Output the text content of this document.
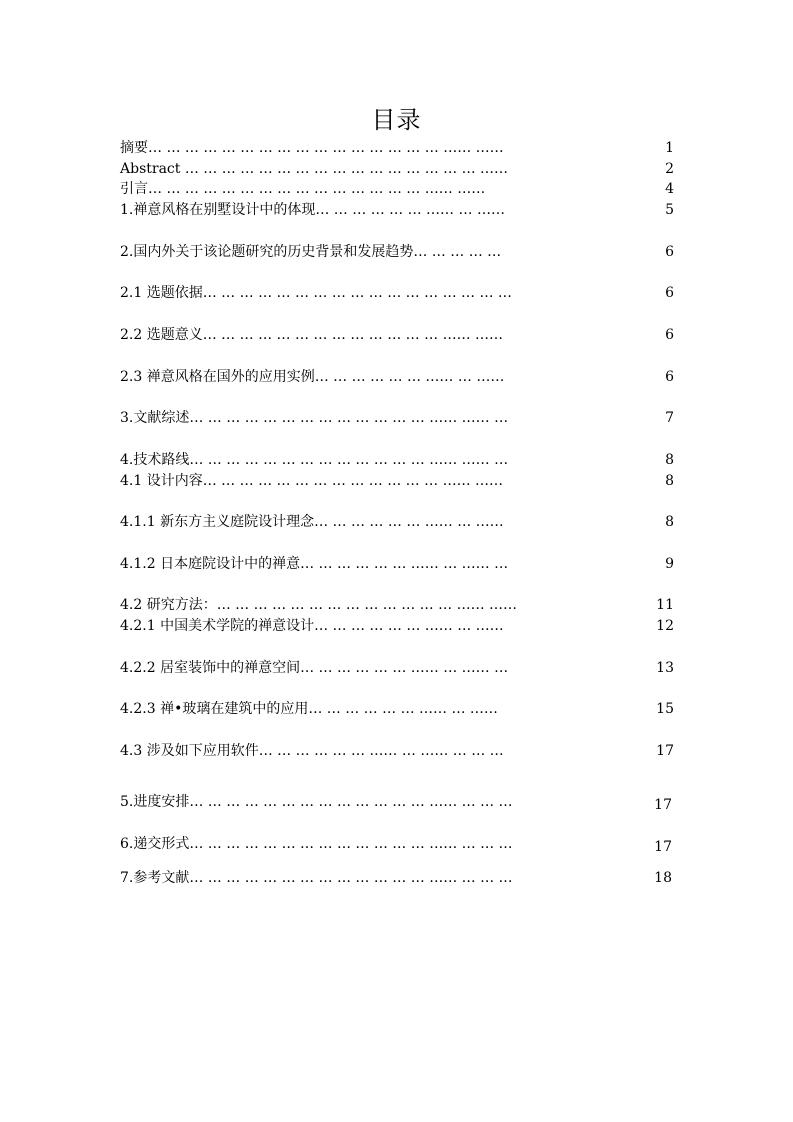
目录
摘要… … … … … … … … … … … … … … … … …… ……	1
Abstract … … … … … … … … … … … … … … … … ……	2
引言… … … … … … … … … … … … … … … …… ……	4
1.禅意风格在别墅设计中的体现… … … … … … …… … ……	5
2.国内外关于该论题研究的历史背景和发展趋势… … … … …	6
2.1 选题依据… … … … … … … … … … … … … … … … …	6
2.2 选题意义… … … … … … … … … … … … … …… ……	6
2.3 禅意风格在国外的应用实例… … … … … … …… … ……	6
3.文献综述… … … … … … … … … … … … … …… …… …	7
4.技术路线… … … … … … … … … … … … … …… …… …	8
4.1 设计内容… … … … … … … … … … … … … …… ……	8
4.1.1 新东方主义庭院设计理念… … … … … … …… … ……	8
4.1.2 日本庭院设计中的禅意… … … … … … …… … …… …	9
4.2 研究方法：… … … … … … … … … … … … … …… ……	11
4.2.1 中国美术学院的禅意设计… … … … … … …… … ……	12
4.2.2 居室装饰中的禅意空间… … … … … … …… … …… …	13
4.2.3 禅•玻璃在建筑中的应用… … … … … … …… … ……	15
4.3 涉及如下应用软件… … … … … … …… … …… … … …	17
5.进度安排… … … … … … … … … … … … … …… … … …	17
6.递交形式… … … … … … … … … … … … … …… … … …	17
7.参考文献… … … … … … … … … … … … … …… … … …	18
